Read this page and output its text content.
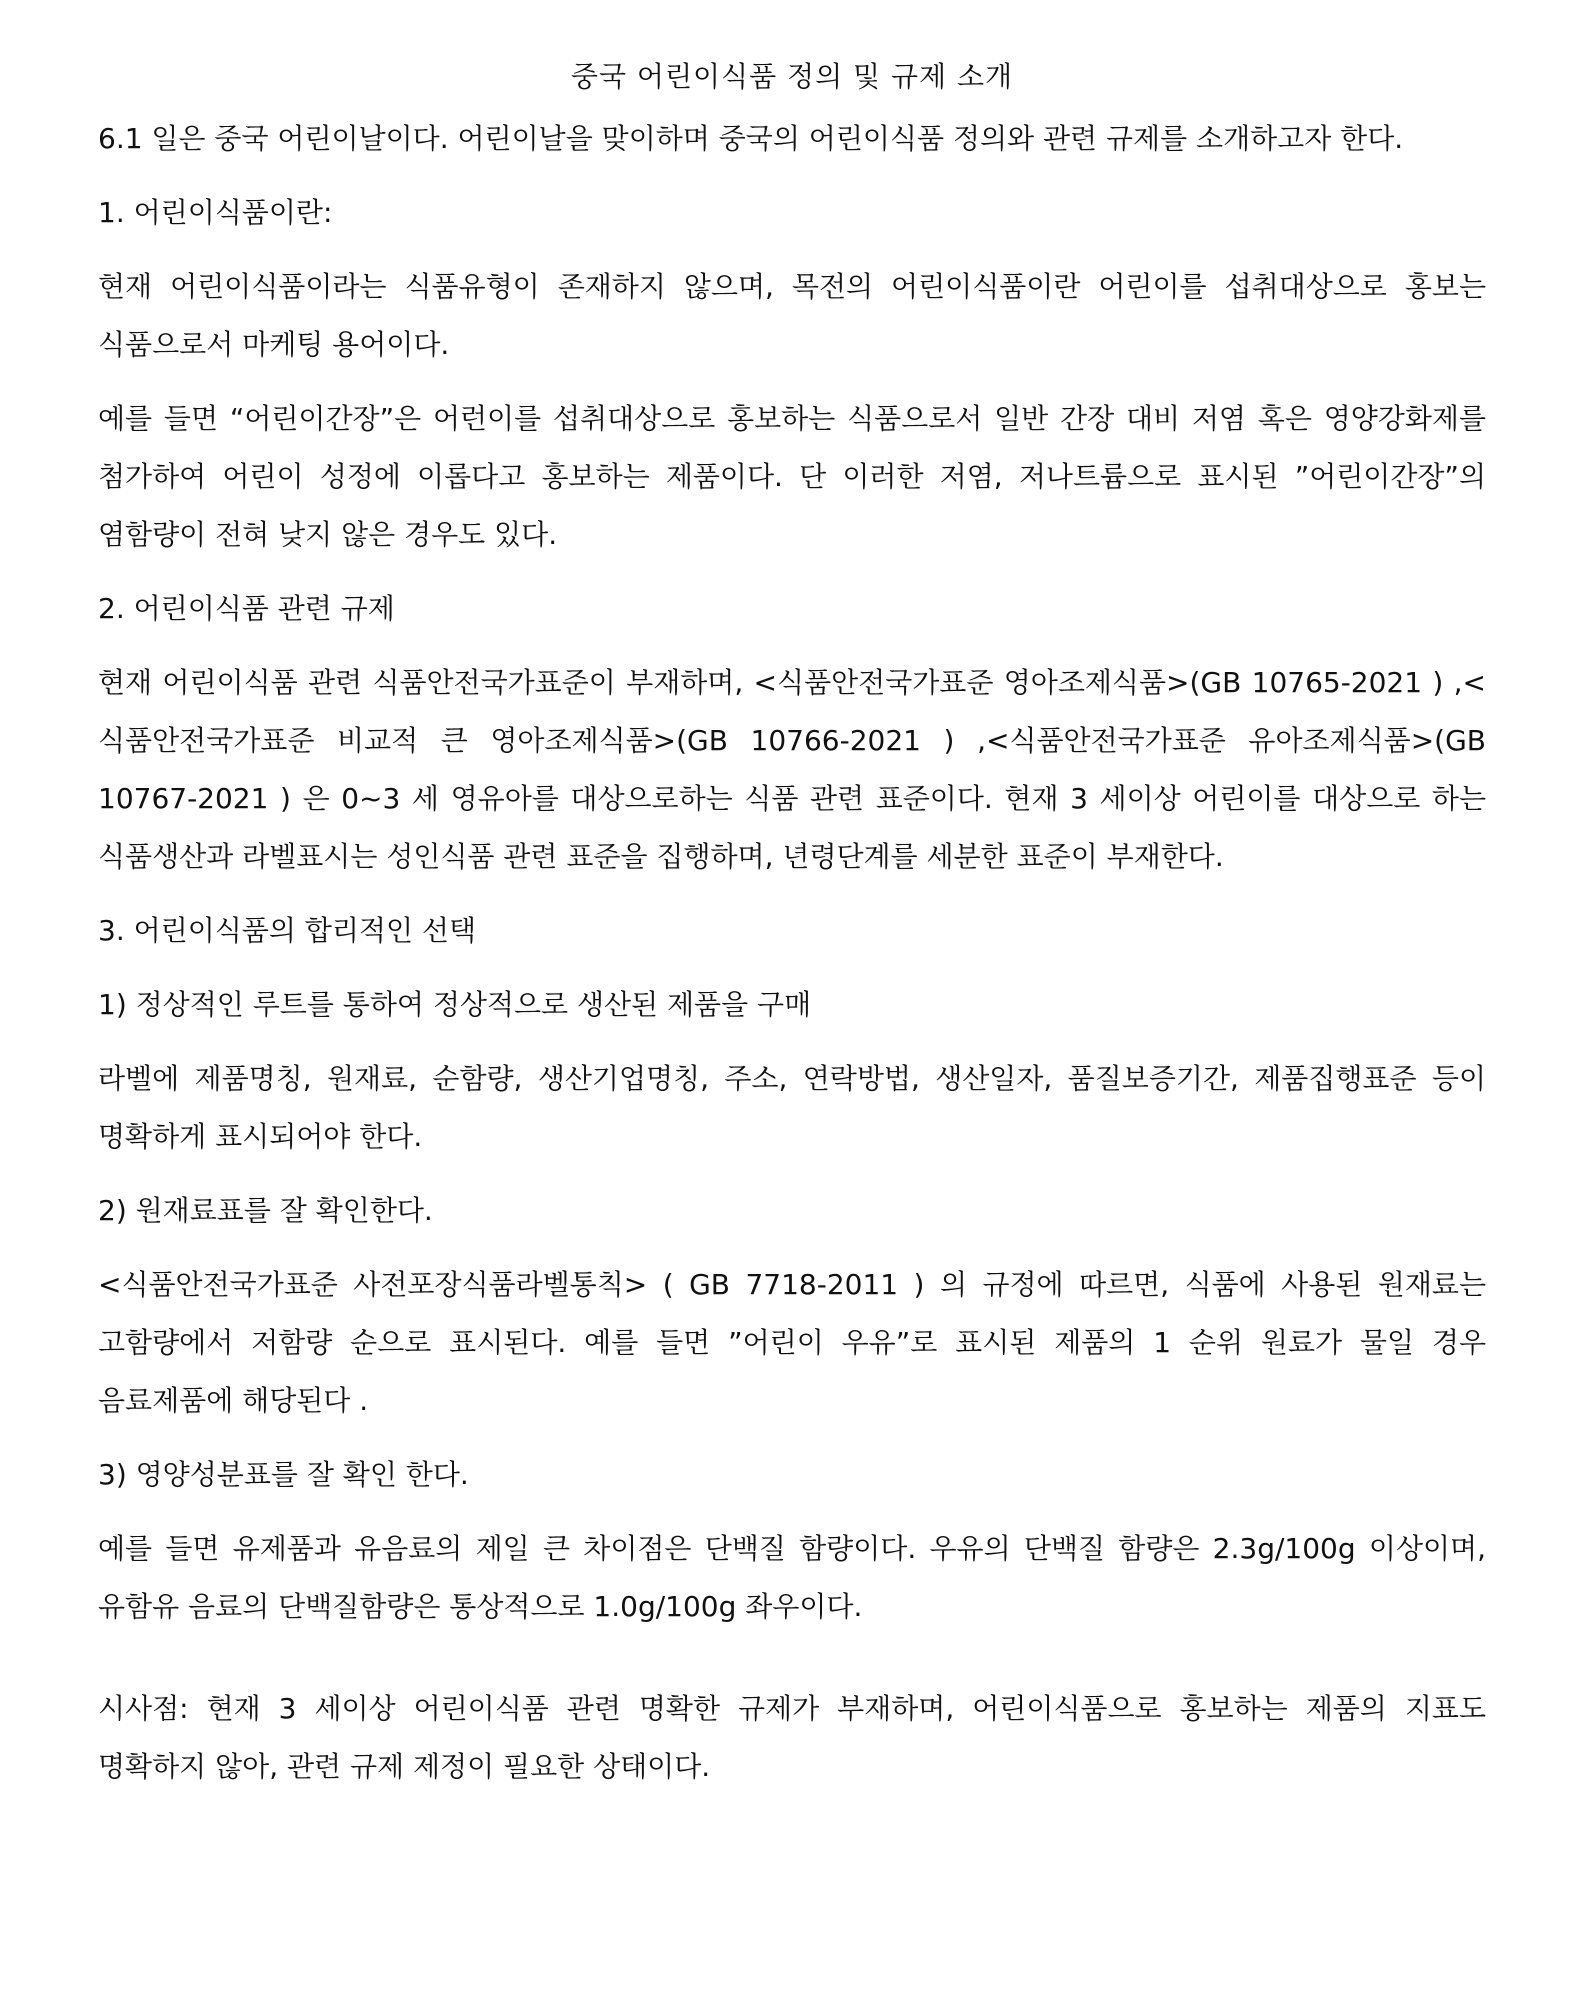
중국 어린이식품 정의 및 규제 소개

6.1 일은 중국 어린이날이다. 어린이날을 맞이하며 중국의 어린이식품 정의와 관련 규제를 소개하고자 한다.

1. 어린이식품이란:

현재 어린이식품이라는 식품유형이 존재하지 않으며, 목전의 어린이식품이란 어린이를 섭취대상으로 홍보는 식품으로서 마케팅 용어이다.

예를 들면 “어린이간장”은 어런이를 섭취대상으로 홍보하는 식품으로서 일반 간장 대비 저염 혹은 영양강화제를 첨가하여 어린이 성정에 이롭다고 홍보하는 제품이다. 단 이러한 저염, 저나트륨으로 표시된 ”어린이간장”의 염함량이 전혀 낮지 않은 경우도 있다.

2. 어린이식품 관련 규제

현재 어린이식품 관련 식품안전국가표준이 부재하며, <식품안전국가표준 영아조제식품>(GB 10765-2021 ) ,<식품안전국가표준 비교적 큰 영아조제식품>(GB 10766-2021 ) ,<식품안전국가표준 유아조제식품>(GB 10767-2021 ) 은 0~3 세 영유아를 대상으로하는 식품 관련 표준이다. 현재 3 세이상 어린이를 대상으로 하는 식품생산과 라벨표시는 성인식품 관련 표준을 집행하며, 년령단계를 세분한 표준이 부재한다.

3. 어린이식품의 합리적인 선택
1) 정상적인 루트를 통하여 정상적으로 생산된 제품을 구매

라벨에 제품명칭, 원재료, 순함량, 생산기업명칭, 주소, 연락방법, 생산일자, 품질보증기간, 제품집행표준 등이 명확하게 표시되어야 한다.

2) 원재료표를 잘 확인한다.

<식품안전국가표준 사전포장식품라벨통칙> ( GB 7718-2011 ) 의 규정에 따르면, 식품에 사용된 원재료는 고함량에서 저함량 순으로 표시된다. 예를 들면 ”어린이 우유”로 표시된 제품의 1 순위 원료가 물일 경우 음료제품에 해당된다 .

3) 영양성분표를 잘 확인 한다.

예를 들면 유제품과 유음료의 제일 큰 차이점은 단백질 함량이다. 우유의 단백질 함량은 2.3g/100g 이상이며, 유함유 음료의 단백질함량은 통상적으로 1.0g/100g 좌우이다.

시사점: 현재 3 세이상 어린이식품 관련 명확한 규제가 부재하며, 어린이식품으로 홍보하는 제품의 지표도 명확하지 않아, 관련 규제 제정이 필요한 상태이다.
